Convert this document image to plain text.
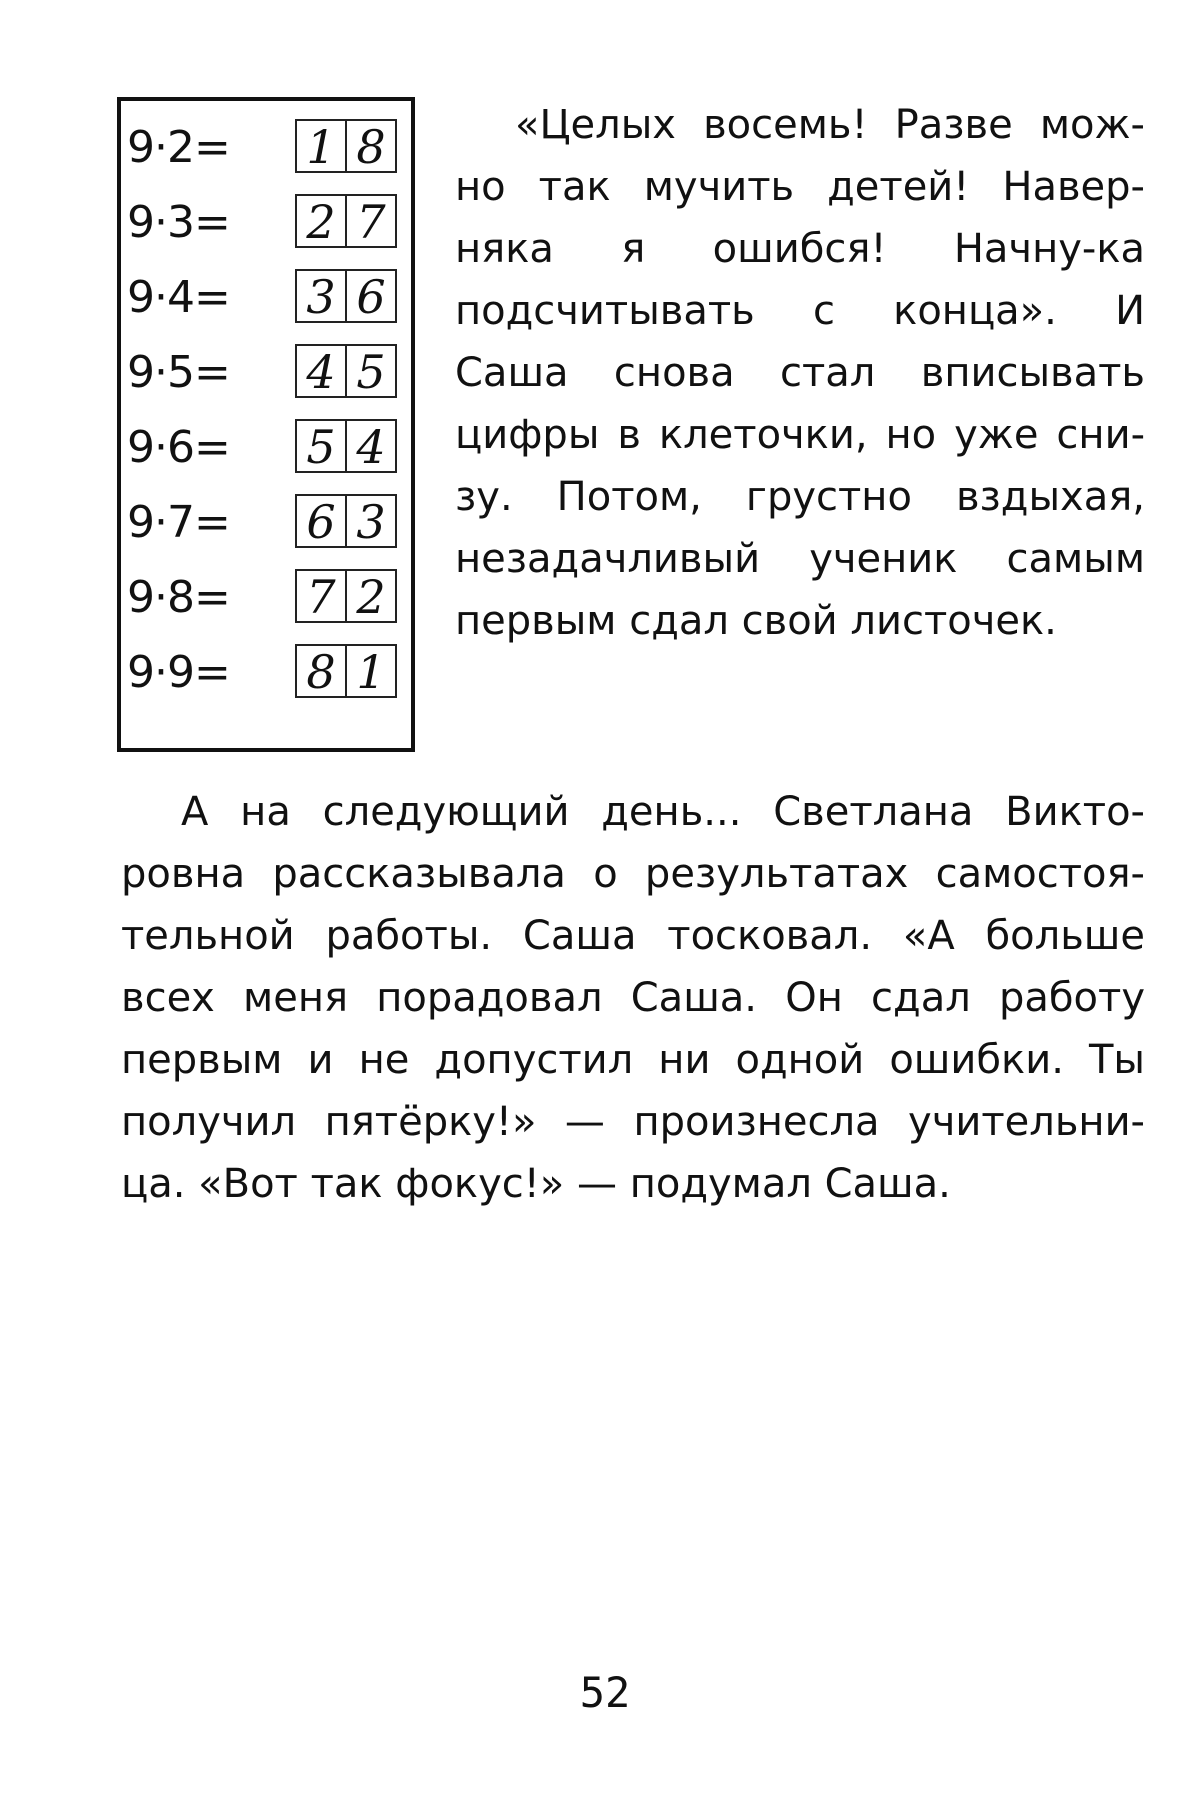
9·2= 1 8
9·3= 2 7
9·4= 3 6
9·5= 4 5
9·6= 5 4
9·7= 6 3
9·8= 7 2
9·9= 8 1
«Целых восемь! Разве мож-
но так мучить детей! Навер-
няка я ошибся! Начну-ка
подсчитывать с конца». И
Саша снова стал вписывать
цифры в клеточки, но уже сни-
зу. Потом, грустно вздыхая,
незадачливый ученик самым
первым сдал свой листочек.
А на следующий день... Светлана Викто-
ровна рассказывала о результатах самостоя-
тельной работы. Саша тосковал. «А больше
всех меня порадовал Саша. Он сдал работу
первым и не допустил ни одной ошибки. Ты
получил пятёрку!» — произнесла учительни-
ца. «Вот так фокус!» — подумал Саша.
52
